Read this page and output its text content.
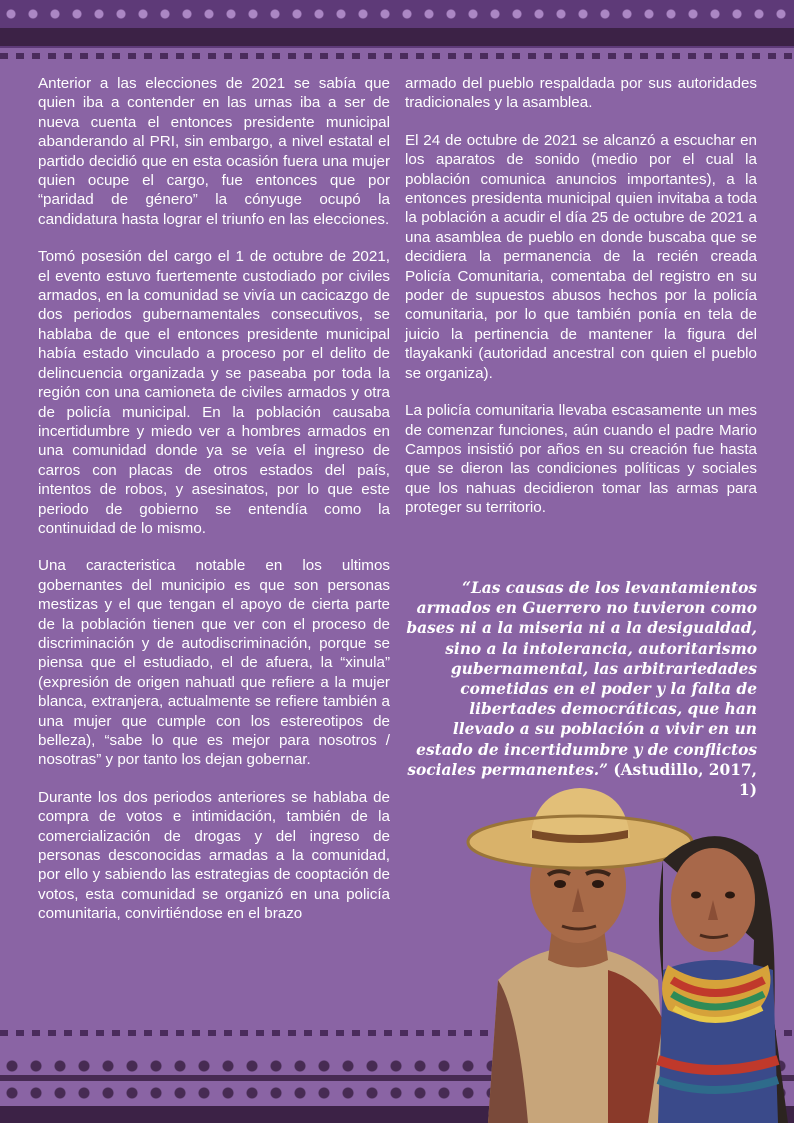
Anterior a las elecciones de 2021 se sabía que quien iba a contender en las urnas iba a ser de nueva cuenta el entonces presidente municipal abanderando al PRI, sin embargo, a nivel estatal el partido decidió que en esta ocasión fuera una mujer quien ocupe el cargo, fue entonces que por “paridad de género” la cónyuge ocupó la candidatura hasta lograr el triunfo en las elecciones.

Tomó posesión del cargo el 1 de octubre de 2021, el evento estuvo fuertemente custodiado por civiles armados, en la comunidad se vivía un cacicazgo de dos periodos gubernamentales consecutivos, se hablaba de que el entonces presidente municipal había estado vinculado a proceso por el delito de delincuencia organizada y se paseaba por toda la región con una camioneta de civiles armados y otra de policía municipal. En la población causaba incertidumbre y miedo ver a hombres armados en una comunidad donde ya se veía el ingreso de carros con placas de otros estados del país, intentos de robos, y asesinatos, por lo que este periodo de gobierno se entendía como la continuidad de lo mismo.

Una caracteristica notable en los ultimos gobernantes del municipio es que son personas mestizas y el que tengan el apoyo de cierta parte de la población tienen que ver con el proceso de discriminación y de autodiscriminación, porque se piensa que el estudiado, el de afuera, la “xinula” (expresión de origen nahuatl que refiere a la mujer blanca, extranjera, actualmente se refiere también a una mujer que cumple con los estereotipos de belleza), “sabe lo que es mejor para nosotros / nosotras” y por tanto los dejan gobernar.

Durante los dos periodos anteriores se hablaba de compra de votos e intimidación, también de la comercialización de drogas y del ingreso de personas desconocidas armadas a la comunidad, por ello y sabiendo las estrategias de cooptación de votos, esta comunidad se organizó en una policía comunitaria, convirtiéndose en el brazo

armado del pueblo respaldada por sus autoridades tradicionales y la asamblea.

El 24 de octubre de 2021 se alcanzó a escuchar en los aparatos de sonido (medio por el cual la población comunica anuncios importantes), a la entonces presidenta municipal quien invitaba a toda la población a acudir el día 25 de octubre de 2021 a una asamblea de pueblo en donde buscaba que se decidiera la permanencia de la recién creada Policía Comunitaria, comentaba del registro en su poder de supuestos abusos hechos por la policía comunitaria, por lo que también ponía en tela de juicio la pertinencia de mantener la figura del tlayakanki (autoridad ancestral con quien el pueblo se organiza).

La policía comunitaria llevaba escasamente un mes de comenzar funciones, aún cuando el padre Mario Campos insistió por años en su creación fue hasta que se dieron las condiciones políticas y sociales que los nahuas decidieron tomar las armas para proteger su territorio.

“Las causas de los levantamientos armados en Guerrero no tuvieron como bases ni a la miseria ni a la desigualdad, sino a la intolerancia, autoritarismo gubernamental, las arbitrariedades cometidas en el poder y la falta de libertades democráticas, que han llevado a su población a vivir en un estado de incertidumbre y de conflictos sociales permanentes.” (Astudillo, 2017, 1)
